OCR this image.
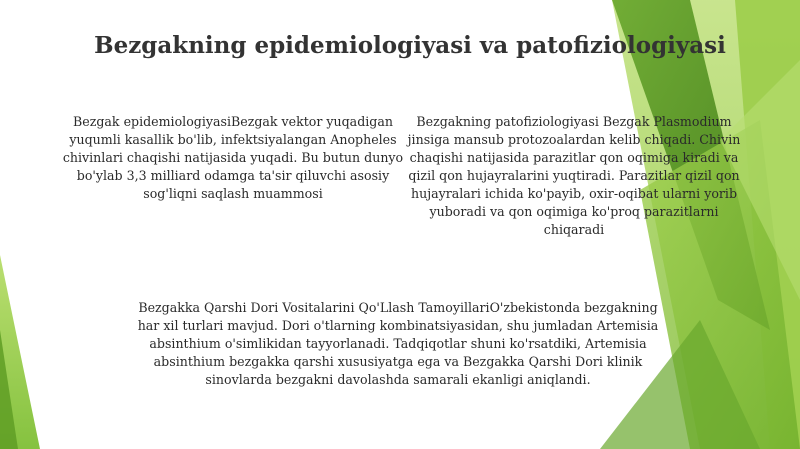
Bezgakning epidemiologiyasi va patofiziologiyasi

Bezgak epidemiologiyasiBezgak vektor yuqadigan yuqumli kasallik bo'lib, infektsiyalangan Anopheles chivinlari chaqishi natijasida yuqadi. Bu butun dunyo bo'ylab 3,3 milliard odamga ta'sir qiluvchi asosiy sog'liqni saqlash muammosi

Bezgakning patofiziologiyasi Bezgak Plasmodium jinsiga mansub protozoalardan kelib chiqadi. Chivin chaqishi natijasida parazitlar qon oqimiga kiradi va qizil qon hujayralarini yuqtiradi. Parazitlar qizil qon hujayralari ichida ko'payib, oxir-oqibat ularni yorib yuboradi va qon oqimiga ko'proq parazitlarni chiqaradi

Bezgakka Qarshi Dori Vositalarini Qo'Llash TamoyillariO'zbekistonda bezgakning har xil turlari mavjud. Dori o'tlarning kombinatsiyasidan, shu jumladan Artemisia absinthium o'simlikidan tayyorlanadi. Tadqiqotlar shuni ko'rsatdiki, Artemisia absinthium bezgakka qarshi xususiyatga ega va Bezgakka Qarshi Dori klinik sinovlarda bezgakni davolashda samarali ekanligi aniqlandi.
